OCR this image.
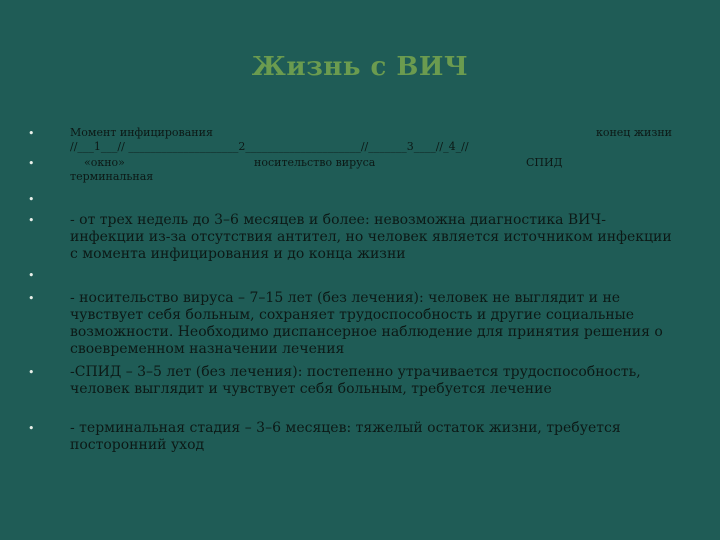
Жизнь с ВИЧ
•	Момент инфицирования	конец жизни
//___1___// ____________________2_____________________//_______3____//_4_//
•	«окно»	носительство вируса	СПИД
терминальная
•
•	- от трех недель до 3–6 месяцев и более: невозможна диагностика ВИЧ-инфекции из-за отсутствия антител, но человек является источником инфекции с момента инфицирования и до конца жизни
•
•	- носительство вируса – 7–15 лет (без лечения): человек не выглядит и не чувствует себя больным, сохраняет трудоспособность и другие социальные возможности. Необходимо диспансерное наблюдение для принятия решения о своевременном назначении лечения
•	-СПИД – 3–5 лет (без лечения): постепенно утрачивается трудоспособность, человек выглядит и чувствует себя больным, требуется лечение
•	- терминальная стадия – 3–6 месяцев: тяжелый остаток жизни, требуется посторонний уход
